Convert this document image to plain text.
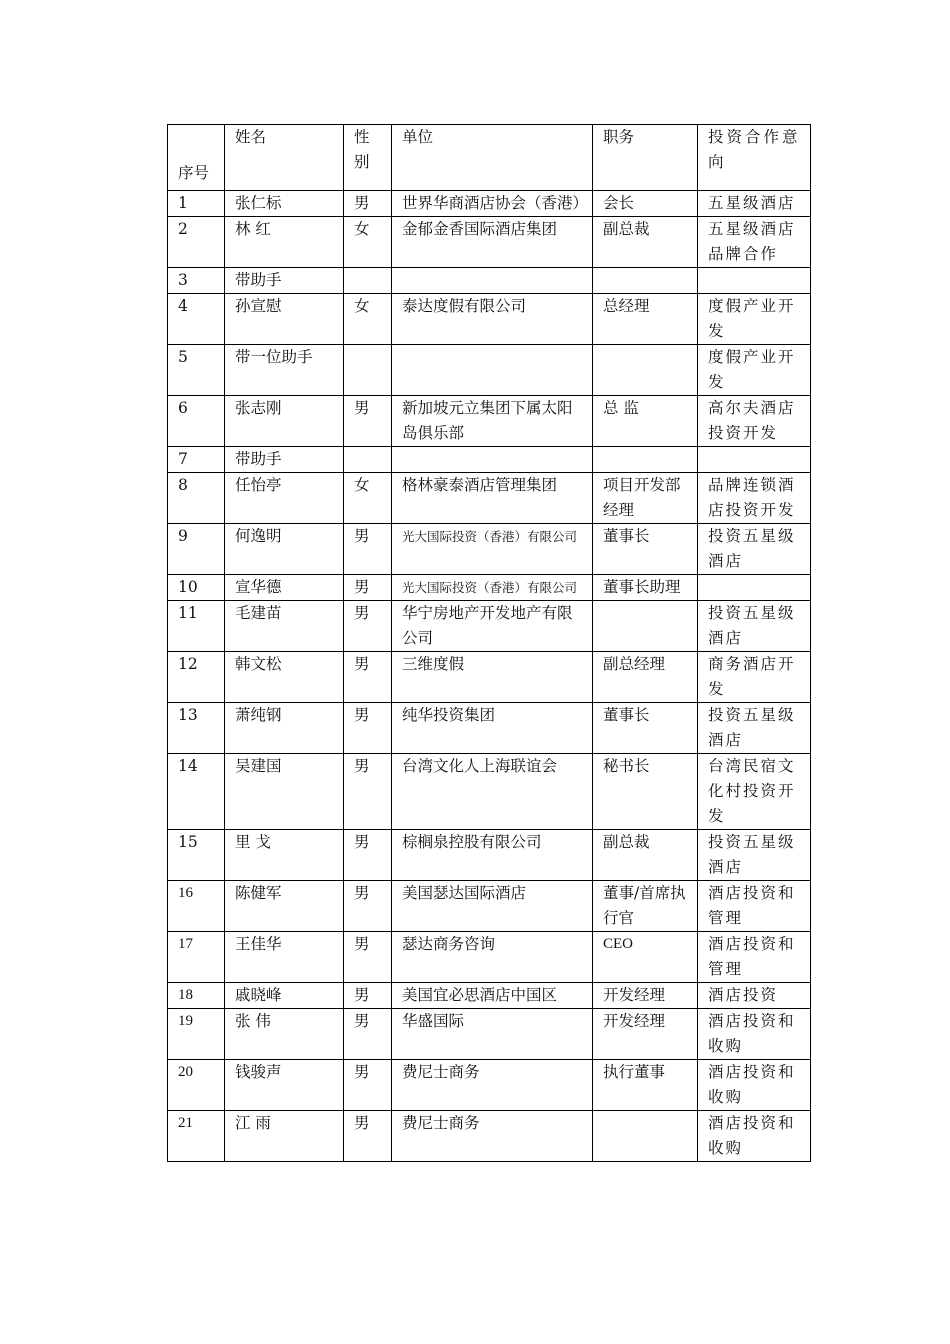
序号	姓名	性别	单位	职务	投资合作意向
1	张仁标	男	世界华商酒店协会（香港）	会长	五星级酒店
2	林 红	女	金郁金香国际酒店集团	副总裁	五星级酒店品牌合作
3	带助手				
4	孙宣慰	女	泰达度假有限公司	总经理	度假产业开发
5	带一位助手				度假产业开发
6	张志刚	男	新加坡元立集团下属太阳岛俱乐部	总 监	高尔夫酒店投资开发
7	带助手				
8	任怡亭	女	格林豪泰酒店管理集团	项目开发部经理	品牌连锁酒店投资开发
9	何逸明	男	光大国际投资（香港）有限公司	董事长	投资五星级酒店
10	宣华德	男	光大国际投资（香港）有限公司	董事长助理	
11	毛建苗	男	华宁房地产开发地产有限公司		投资五星级酒店
12	韩文松	男	三维度假	副总经理	商务酒店开发
13	萧纯钢	男	纯华投资集团	董事长	投资五星级酒店
14	吴建国	男	台湾文化人上海联谊会	秘书长	台湾民宿文化村投资开发
15	里 戈	男	棕榈泉控股有限公司	副总裁	投资五星级酒店
16	陈健军	男	美国瑟达国际酒店	董事/首席执行官	酒店投资和管理
17	王佳华	男	瑟达商务咨询	CEO	酒店投资和管理
18	戚晓峰	男	美国宜必思酒店中国区	开发经理	酒店投资
19	张 伟	男	华盛国际	开发经理	酒店投资和收购
20	钱骏声	男	费尼士商务	执行董事	酒店投资和收购
21	江 雨	男	费尼士商务		酒店投资和收购
